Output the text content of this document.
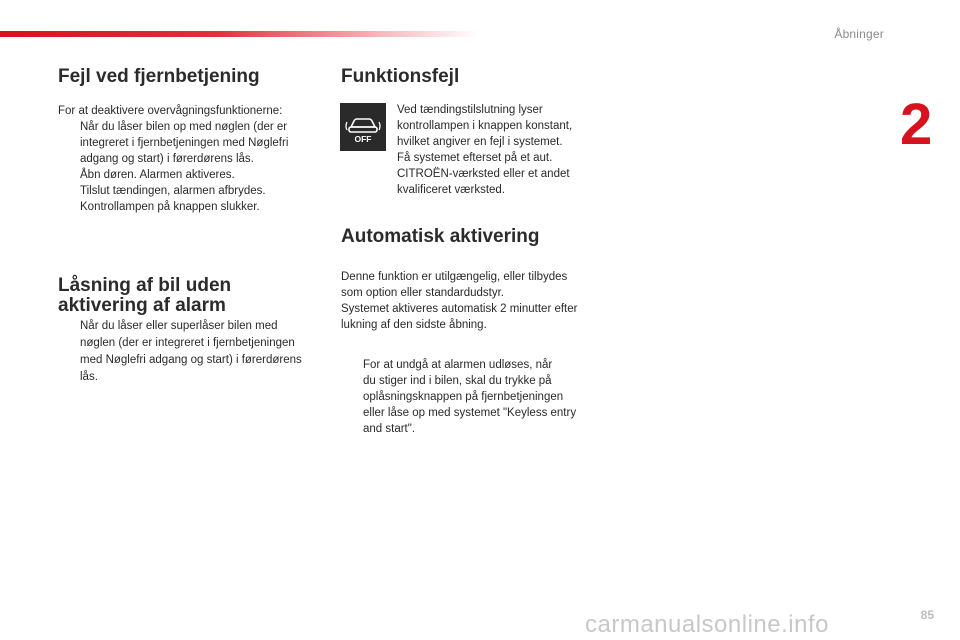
Åbninger
2
Fejl ved fjernbetjening
For at deaktivere overvågningsfunktionerne:
Når du låser bilen op med nøglen (der er
integreret i fjernbetjeningen med Nøglefri
adgang og start) i førerdørens lås.
Åbn døren. Alarmen aktiveres.
Tilslut tændingen, alarmen afbrydes.
Kontrollampen på knappen slukker.
Låsning af bil uden
aktivering af alarm
Når du låser eller superlåser bilen med
nøglen (der er integreret i fjernbetjeningen
med Nøglefri adgang og start) i førerdørens
lås.
Funktionsfejl
OFF
Ved tændingstilslutning lyser
kontrollampen i knappen konstant,
hvilket angiver en fejl i systemet.
Få systemet efterset på et aut.
CITROËN-værksted eller et andet
kvalificeret værksted.
Automatisk aktivering
Denne funktion er utilgængelig, eller tilbydes
som option eller standardudstyr.
Systemet aktiveres automatisk 2 minutter efter
lukning af den sidste åbning.
For at undgå at alarmen udløses, når
du stiger ind i bilen, skal du trykke på
oplåsningsknappen på fjernbetjeningen
eller låse op med systemet "Keyless entry
and start".
carmanualsonline.info	85
